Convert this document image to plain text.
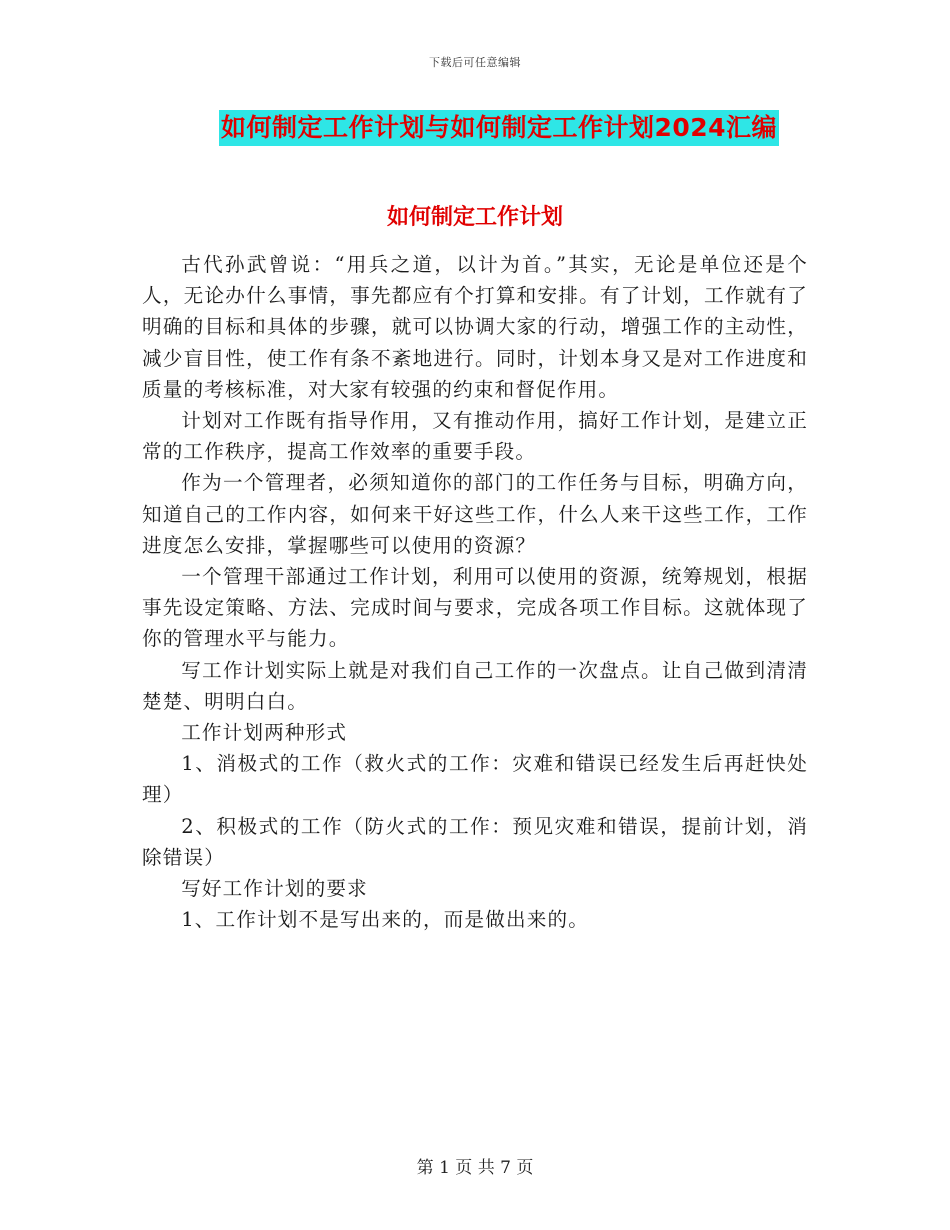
下载后可任意编辑
如何制定工作计划与如何制定工作计划2024汇编
如何制定工作计划

古代孙武曾说：“用兵之道，以计为首。”其实，无论是单位还是个人，无论办什么事情，事先都应有个打算和安排。有了计划，工作就有了明确的目标和具体的步骤，就可以协调大家的行动，增强工作的主动性，减少盲目性，使工作有条不紊地进行。同时，计划本身又是对工作进度和质量的考核标准，对大家有较强的约束和督促作用。

计划对工作既有指导作用，又有推动作用，搞好工作计划，是建立正常的工作秩序，提高工作效率的重要手段。

作为一个管理者，必须知道你的部门的工作任务与目标，明确方向，知道自己的工作内容，如何来干好这些工作，什么人来干这些工作，工作进度怎么安排，掌握哪些可以使用的资源？

一个管理干部通过工作计划，利用可以使用的资源，统筹规划，根据事先设定策略、方法、完成时间与要求，完成各项工作目标。这就体现了你的管理水平与能力。

写工作计划实际上就是对我们自己工作的一次盘点。让自己做到清清楚楚、明明白白。

工作计划两种形式

1、消极式的工作（救火式的工作：灾难和错误已经发生后再赶快处理）

2、积极式的工作（防火式的工作：预见灾难和错误，提前计划，消除错误）

写好工作计划的要求

1、工作计划不是写出来的，而是做出来的。

第 1 页 共 7 页
